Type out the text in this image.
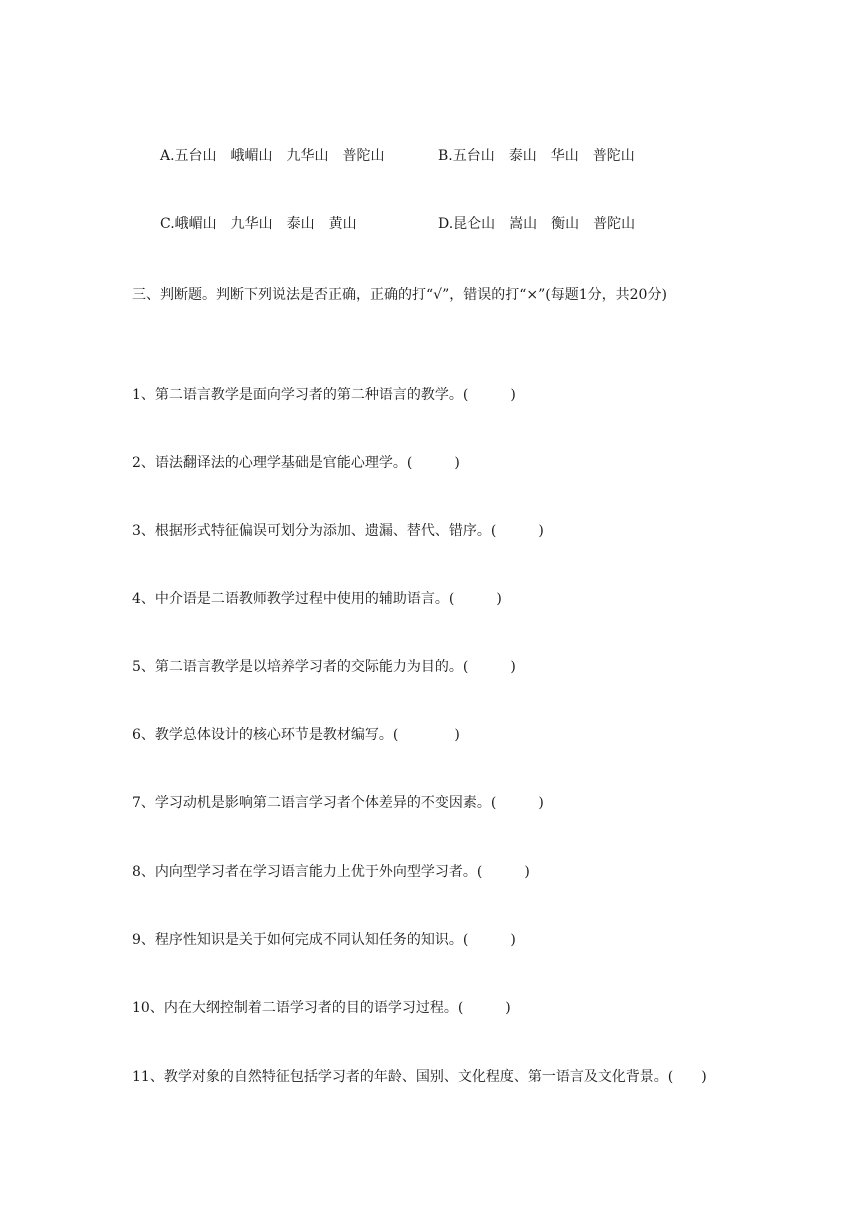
A.五台山　峨嵋山　九华山　普陀山	B.五台山　泰山　华山　普陀山
C.峨嵋山　九华山　泰山　黄山	D.昆仑山　嵩山　衡山　普陀山
三、判断题。判断下列说法是否正确，正确的打“√”，错误的打“×”(每题1分，共20分)
1、第二语言教学是面向学习者的第二种语言的教学。(　　　)
2、语法翻译法的心理学基础是官能心理学。(　　　)
3、根据形式特征偏误可划分为添加、遗漏、替代、错序。(　　　)
4、中介语是二语教师教学过程中使用的辅助语言。(　　　)
5、第二语言教学是以培养学习者的交际能力为目的。(　　　)
6、教学总体设计的核心环节是教材编写。(　　　　)
7、学习动机是影响第二语言学习者个体差异的不变因素。(　　　)
8、内向型学习者在学习语言能力上优于外向型学习者。(　　　)
9、程序性知识是关于如何完成不同认知任务的知识。(　　　)
10、内在大纲控制着二语学习者的目的语学习过程。(　　　)
11、教学对象的自然特征包括学习者的年龄、国别、文化程度、第一语言及文化背景。(　　)
